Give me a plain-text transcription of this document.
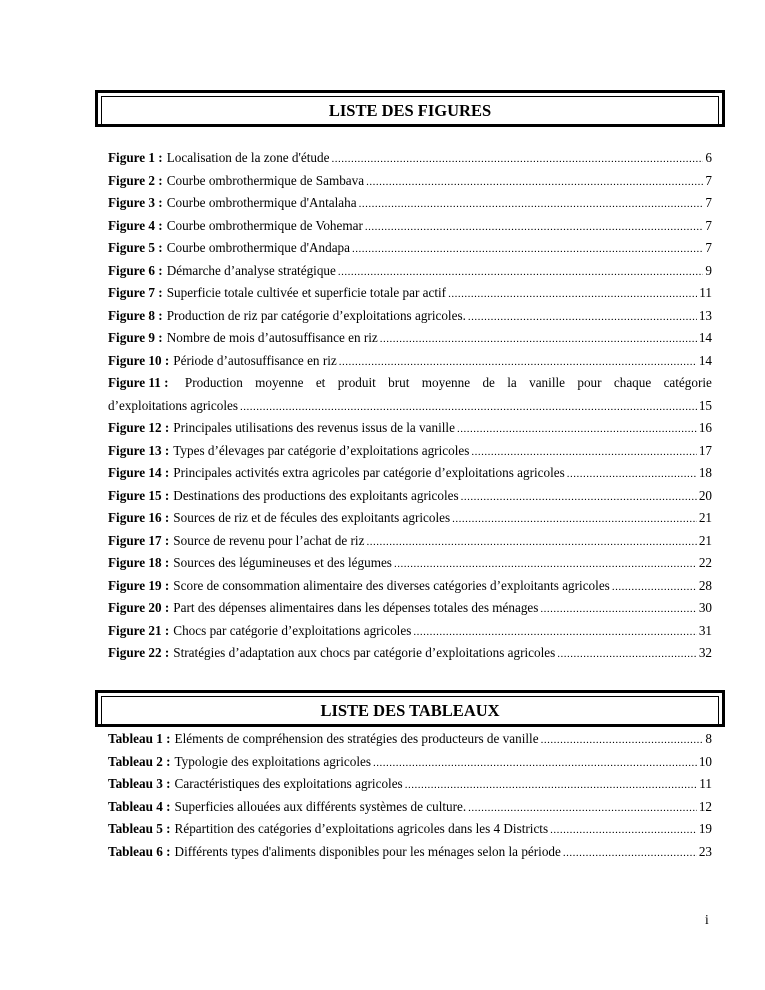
LISTE DES FIGURES
Figure 1 : Localisation de la zone d'étude .....	6
Figure 2 : Courbe ombrothermique de Sambava .....	7
Figure 3 : Courbe ombrothermique d'Antalaha .....	7
Figure 4 : Courbe ombrothermique de Vohemar .....	7
Figure 5 : Courbe ombrothermique d'Andapa .....	7
Figure 6 : Démarche d’analyse stratégique .....	9
Figure 7 : Superficie totale cultivée et superficie totale par actif .....	11
Figure 8 : Production de riz par catégorie d’exploitations agricoles. .....	13
Figure 9 : Nombre de mois d’autosuffisance en riz .....	14
Figure 10 : Période d’autosuffisance en riz .....	14
Figure 11 : Production moyenne et produit brut moyenne de la vanille pour chaque catégorie
d’exploitations agricoles .....	15
Figure 12 : Principales utilisations des revenus issus de la vanille .....	16
Figure 13 : Types d’élevages par catégorie d’exploitations agricoles .....	17
Figure 14 : Principales activités extra agricoles par catégorie d’exploitations agricoles .....	18
Figure 15 : Destinations des productions des exploitants agricoles .....	20
Figure 16 : Sources de riz et de fécules des exploitants agricoles .....	21
Figure 17 : Source de revenu pour l’achat de riz .....	21
Figure 18 : Sources des légumineuses et des légumes .....	22
Figure 19 : Score de consommation alimentaire des diverses catégories d’exploitants agricoles .....	28
Figure 20 : Part des dépenses alimentaires dans les dépenses totales des ménages .....	30
Figure 21 : Chocs par catégorie d’exploitations agricoles .....	31
Figure 22 : Stratégies d’adaptation aux chocs par catégorie d’exploitations agricoles .....	32
LISTE DES TABLEAUX
Tableau 1 : Eléments de compréhension des stratégies des producteurs de vanille .....	8
Tableau 2 : Typologie des exploitations agricoles .....	10
Tableau 3 : Caractéristiques des exploitations agricoles .....	11
Tableau 4 : Superficies allouées aux différents systèmes de culture. .....	12
Tableau 5 : Répartition des catégories d’exploitations agricoles dans les 4 Districts .....	19
Tableau 6 : Différents types d'aliments disponibles pour les ménages selon la période .....	23
i
